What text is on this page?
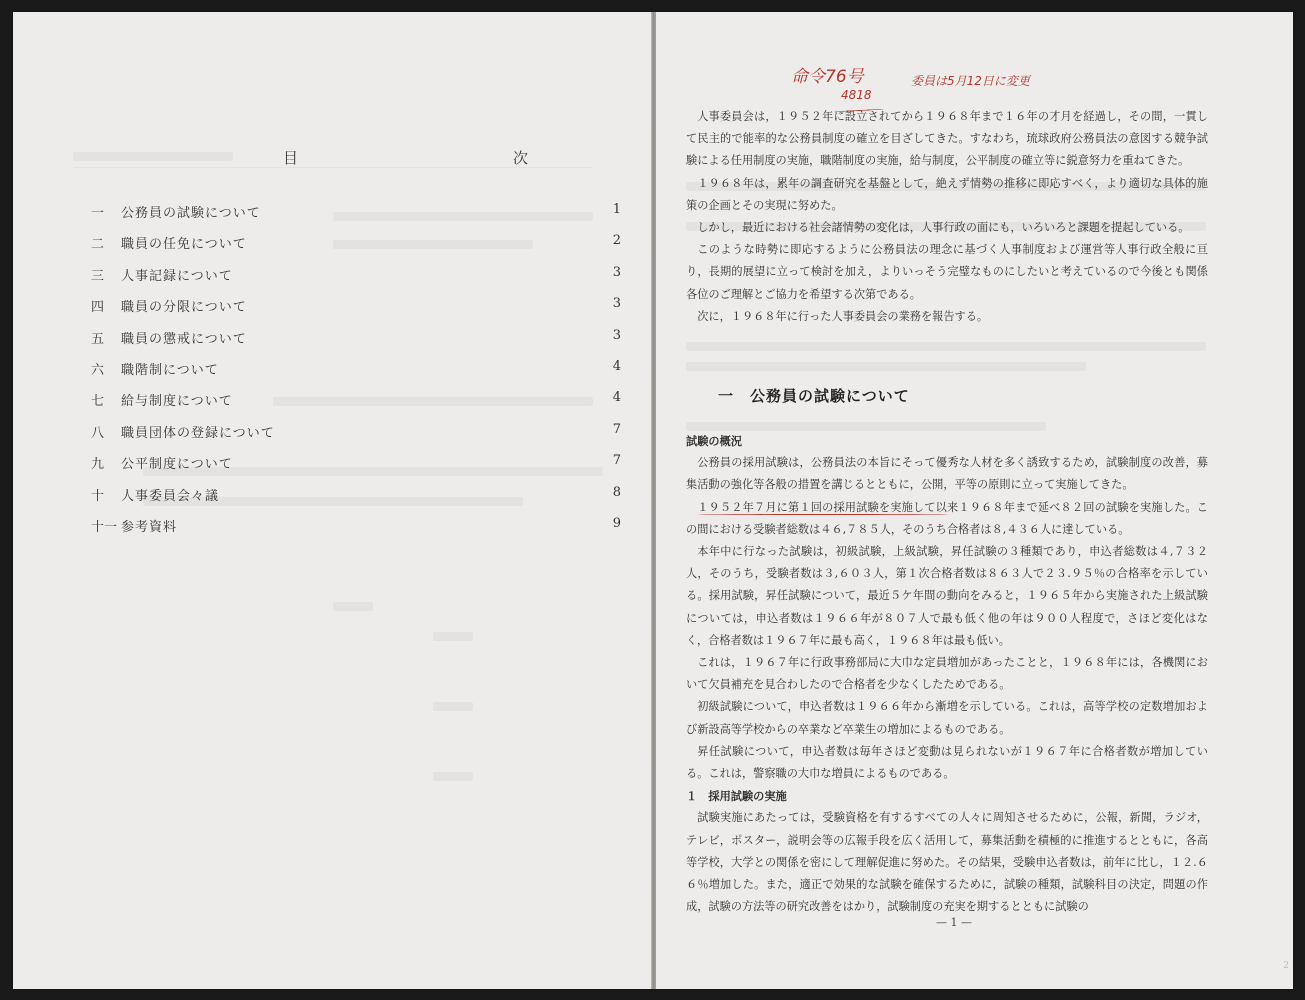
目　次
一	公務員の試験について	1
二	職員の任免について	2
三	人事記録について	3
四	職員の分限について	3
五	職員の懲戒について	3
六	職階制について	4
七	給与制度について	4
八	職員団体の登録について	7
九	公平制度について	7
十	人事委員会々議	8
十一 参考資料	9
命令76号
4818
委員は5月12日に変更

人事委員会は，１９５２年に設立されてから１９６８年まで１６年の才月を経過し，その間，一貫して民主的で能率的な公務員制度の確立を目ざしてきた。すなわち，琉球政府公務員法の意図する競争試験による任用制度の実施，職階制度の実施，給与制度，公平制度の確立等に鋭意努力を重ねてきた。

１９６８年は，累年の調査研究を基盤として，絶えず情勢の推移に即応すべく，より適切な具体的施策の企画とその実現に努めた。

しかし，最近における社会諸情勢の変化は，人事行政の面にも，いろいろと課題を提起している。

このような時勢に即応するように公務員法の理念に基づく人事制度および運営等人事行政全般に亘り，長期的展望に立って検討を加え，よりいっそう完璧なものにしたいと考えているので今後とも関係各位のご理解とご協力を希望する次第である。

次に，１９６８年に行った人事委員会の業務を報告する。

一　公務員の試験について
試験の概況

公務員の採用試験は，公務員法の本旨にそって優秀な人材を多く誘致するため，試験制度の改善，募集活動の強化等各般の措置を講じるとともに，公開，平等の原則に立って実施してきた。

１９５２年７月に第１回の採用試験を実施して以来１９６８年まで延べ８２回の試験を実施した。この間における受験者総数は４６,７８５人，そのうち合格者は８,４３６人に達している。

本年中に行なった試験は，初級試験，上級試験，昇任試験の３種類であり，申込者総数は４,７３２人，そのうち，受験者数は３,６０３人，第１次合格者数は８６３人で２３.９５％の合格率を示している。採用試験，昇任試験について，最近５ケ年間の動向をみると，１９６５年から実施された上級試験については，申込者数は１９６６年が８０７人で最も低く他の年は９００人程度で，さほど変化はなく，合格者数は１９６７年に最も高く，１９６８年は最も低い。

これは，１９６７年に行政事務部局に大巾な定員増加があったことと，１９６８年には，各機関において欠員補充を見合わしたので合格者を少なくしたためである。

初級試験について，申込者数は１９６６年から漸増を示している。これは，高等学校の定数増加および新設高等学校からの卒業など卒業生の増加によるものである。

昇任試験について，申込者数は毎年さほど変動は見られないが１９６７年に合格者数が増加している。これは，警察職の大巾な増員によるものである。

１　採用試験の実施

試験実施にあたっては，受験資格を有するすべての人々に周知させるために，公報，新聞，ラジオ，テレビ，ポスター，説明会等の広報手段を広く活用して，募集活動を積極的に推進するとともに，各高等学校，大学との関係を密にして理解促進に努めた。その結果，受験申込者数は，前年に比し，１２.６６％増加した。また，適正で効果的な試験を確保するために，試験の種類，試験科目の決定，問題の作成，試験の方法等の研究改善をはかり，試験制度の充実を期するとともに試験の

— 1 —
2
